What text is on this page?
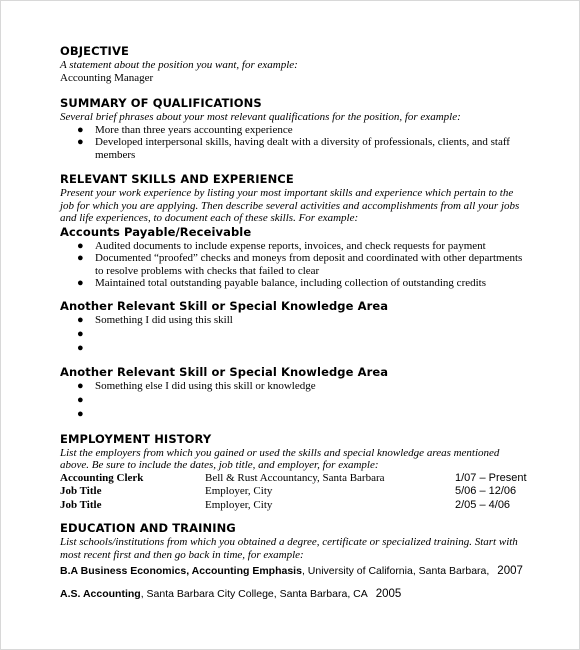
OBJECTIVE
A statement about the position you want, for example:
Accounting Manager
SUMMARY OF QUALIFICATIONS
Several brief phrases about your most relevant qualifications for the position, for example:
● More than three years accounting experience
● Developed interpersonal skills, having dealt with a diversity of professionals, clients, and staff members
RELEVANT SKILLS AND EXPERIENCE
Present your work experience by listing your most important skills and experience which pertain to the job for which you are applying. Then describe several activities and accomplishments from all your jobs and life experiences, to document each of these skills. For example:
Accounts Payable/Receivable
● Audited documents to include expense reports, invoices, and check requests for payment
● Documented “proofed” checks and moneys from deposit and coordinated with other departments to resolve problems with checks that failed to clear
● Maintained total outstanding payable balance, including collection of outstanding credits
Another Relevant Skill or Special Knowledge Area
● Something I did using this skill
●
●
Another Relevant Skill or Special Knowledge Area
● Something else I did using this skill or knowledge
●
●
EMPLOYMENT HISTORY
List the employers from which you gained or used the skills and special knowledge areas mentioned above. Be sure to include the dates, job title, and employer, for example:
Accounting Clerk	Bell & Rust Accountancy, Santa Barbara	1/07 – Present
Job Title	Employer, City	5/06 – 12/06
Job Title	Employer, City	2/05 – 4/06
EDUCATION AND TRAINING
List schools/institutions from which you obtained a degree, certificate or specialized training. Start with most recent first and then go back in time, for example:
B.A Business Economics, Accounting Emphasis, University of California, Santa Barbara, 2007
A.S. Accounting, Santa Barbara City College, Santa Barbara, CA 2005
